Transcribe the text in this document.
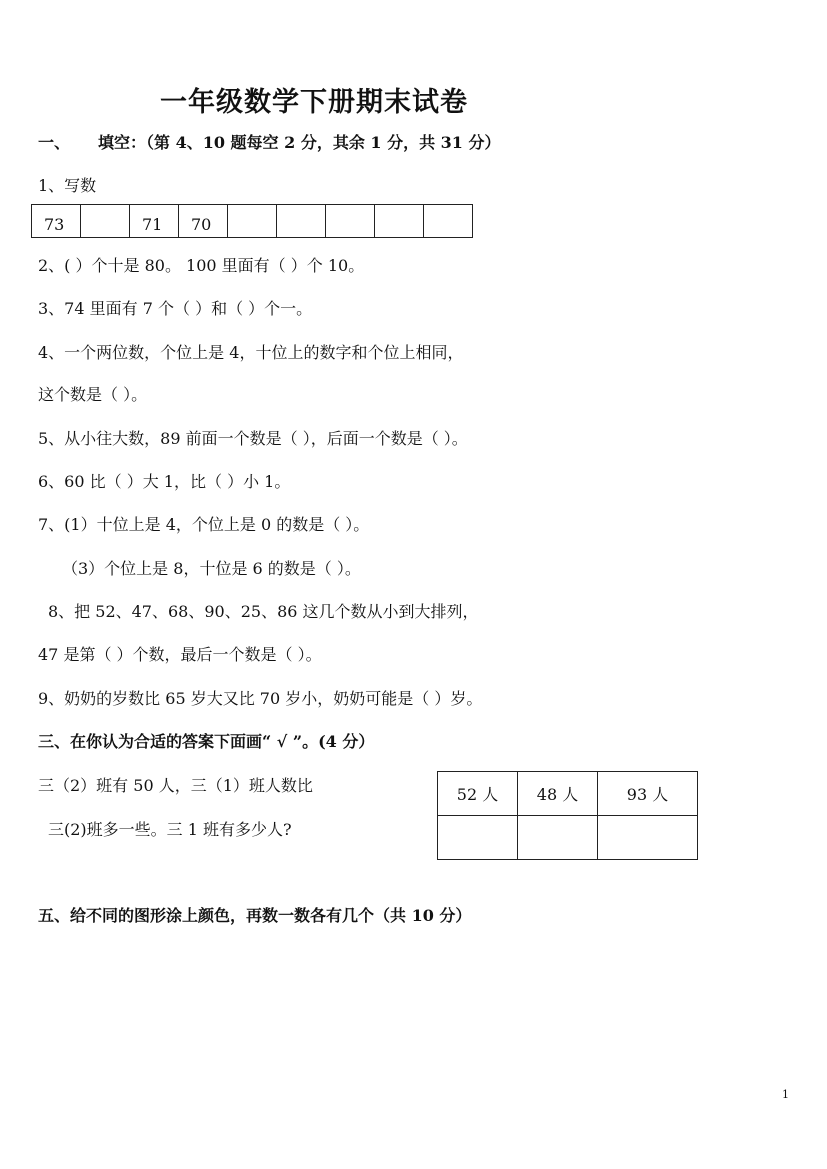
一年级数学下册期末试卷
一、 填空：（第 4、10 题每空 2 分，其余 1 分，共 31 分）
1、写数
73		71	70					
2、( ）个十是 80。 100 里面有（ ）个 10。
3、74 里面有 7 个（ ）和（ ）个一。
4、一个两位数，个位上是 4，十位上的数字和个位上相同，
这个数是（ ）。
5、从小往大数，89 前面一个数是（ ），后面一个数是（ ）。
6、60 比（ ）大 1，比（ ）小 1。
7、(1）十位上是 4，个位上是 0 的数是（ ）。
（3）个位上是 8，十位是 6 的数是（ ）。
8、把 52、47、68、90、25、86 这几个数从小到大排列，
47 是第（ ）个数，最后一个数是（ ）。
9、奶奶的岁数比 65 岁大又比 70 岁小，奶奶可能是（ ）岁。
三、在你认为合适的答案下面画“ √ ”。(4 分）
三（2）班有 50 人，三（1）班人数比
三(2)班多一些。三 1 班有多少人?
52 人	48 人	93 人

五、给不同的图形涂上颜色，再数一数各有几个（共 10 分）
1
